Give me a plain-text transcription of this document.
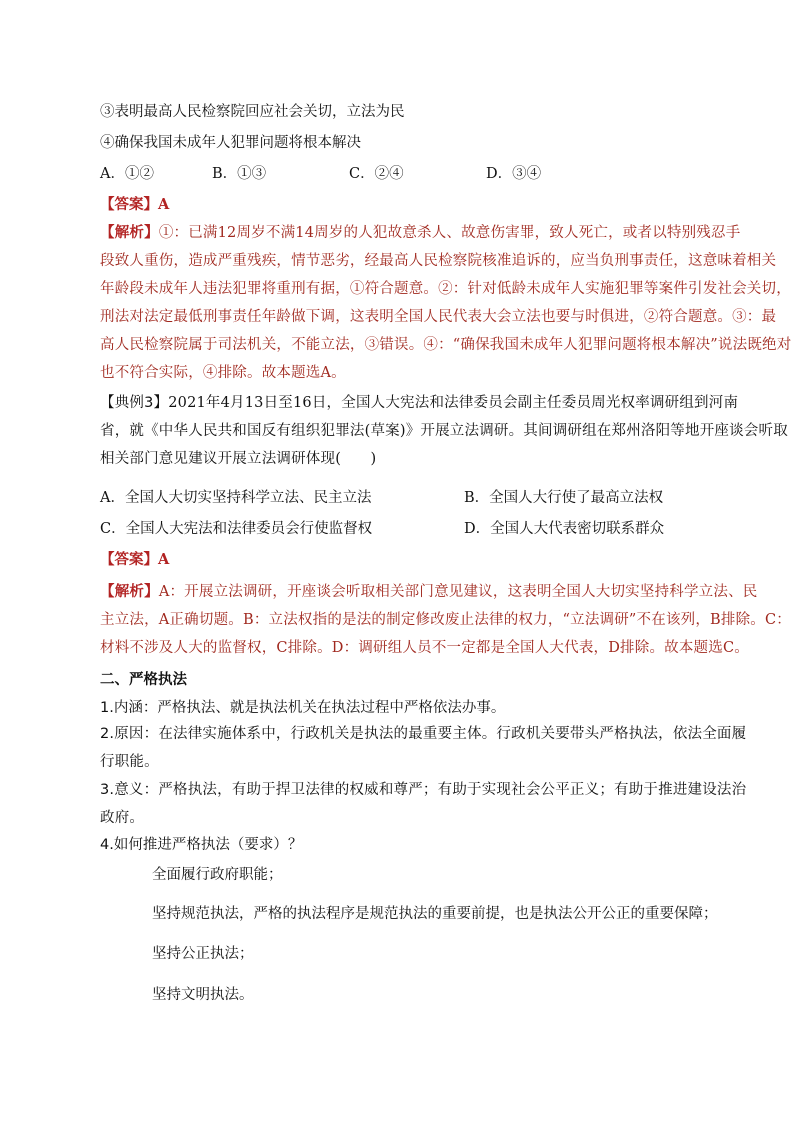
③表明最高人民检察院回应社会关切，立法为民
④确保我国未成年人犯罪问题将根本解决
A．①②	B．①③	C．②④	D．③④
【答案】A
【解析】①：已满12周岁不满14周岁的人犯故意杀人、故意伤害罪，致人死亡，或者以特别残忍手
段致人重伤，造成严重残疾，情节恶劣，经最高人民检察院核准追诉的，应当负刑事责任，这意味着相关
年龄段未成年人违法犯罪将重刑有据，①符合题意。②：针对低龄未成年人实施犯罪等案件引发社会关切，
刑法对法定最低刑事责任年龄做下调，这表明全国人民代表大会立法也要与时俱进，②符合题意。③：最
高人民检察院属于司法机关，不能立法，③错误。④：“确保我国未成年人犯罪问题将根本解决”说法既绝对
也不符合实际，④排除。故本题选A。
【典例3】2021年4月13日至16日，全国人大宪法和法律委员会副主任委员周光权率调研组到河南
省，就《中华人民共和国反有组织犯罪法(草案)》开展立法调研。其间调研组在郑州洛阳等地开座谈会听取
相关部门意见建议开展立法调研体现(　　)
A．全国人大切实坚持科学立法、民主立法	B．全国人大行使了最高立法权
C．全国人大宪法和法律委员会行使监督权	D．全国人大代表密切联系群众
【答案】A
【解析】A：开展立法调研，开座谈会听取相关部门意见建议，这表明全国人大切实坚持科学立法、民
主立法，A正确切题。B：立法权指的是法的制定修改废止法律的权力，“立法调研”不在该列，B排除。C：
材料不涉及人大的监督权，C排除。D：调研组人员不一定都是全国人大代表，D排除。故本题选C。
二、严格执法
1.内涵：严格执法、就是执法机关在执法过程中严格依法办事。
2.原因：在法律实施体系中，行政机关是执法的最重要主体。行政机关要带头严格执法，依法全面履
行职能。
3.意义：严格执法，有助于捍卫法律的权威和尊严；有助于实现社会公平正义；有助于推进建设法治
政府。
4.如何推进严格执法（要求）？
全面履行政府职能；
坚持规范执法，严格的执法程序是规范执法的重要前提，也是执法公开公正的重要保障；
坚持公正执法；
坚持文明执法。
